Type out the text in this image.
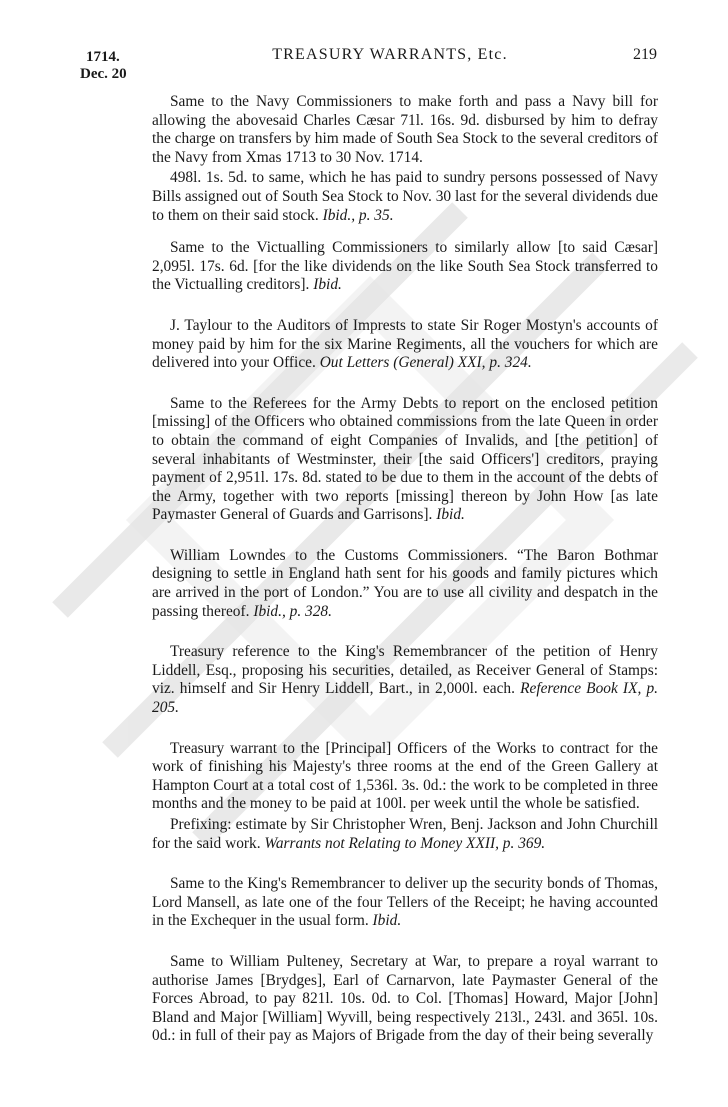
1714.
Dec. 20
TREASURY WARRANTS, Etc.	219

Same to the Navy Commissioners to make forth and pass a Navy bill for allowing the abovesaid Charles Cæsar 71l. 16s. 9d. disbursed by him to defray the charge on transfers by him made of South Sea Stock to the several creditors of the Navy from Xmas 1713 to 30 Nov. 1714.

498l. 1s. 5d. to same, which he has paid to sundry persons possessed of Navy Bills assigned out of South Sea Stock to Nov. 30 last for the several dividends due to them on their said stock. Ibid., p. 35.

Same to the Victualling Commissioners to similarly allow [to said Cæsar] 2,095l. 17s. 6d. [for the like dividends on the like South Sea Stock transferred to the Victualling creditors]. Ibid.

J. Taylour to the Auditors of Imprests to state Sir Roger Mostyn's accounts of money paid by him for the six Marine Regiments, all the vouchers for which are delivered into your Office. Out Letters (General) XXI, p. 324.

Same to the Referees for the Army Debts to report on the enclosed petition [missing] of the Officers who obtained commissions from the late Queen in order to obtain the command of eight Companies of Invalids, and [the petition] of several inhabitants of Westminster, their [the said Officers'] creditors, praying payment of 2,951l. 17s. 8d. stated to be due to them in the account of the debts of the Army, together with two reports [missing] thereon by John How [as late Paymaster General of Guards and Garrisons]. Ibid.

William Lowndes to the Customs Commissioners. “The Baron Bothmar designing to settle in England hath sent for his goods and family pictures which are arrived in the port of London.” You are to use all civility and despatch in the passing thereof. Ibid., p. 328.

Treasury reference to the King's Remembrancer of the petition of Henry Liddell, Esq., proposing his securities, detailed, as Receiver General of Stamps: viz. himself and Sir Henry Liddell, Bart., in 2,000l. each. Reference Book IX, p. 205.

Treasury warrant to the [Principal] Officers of the Works to contract for the work of finishing his Majesty's three rooms at the end of the Green Gallery at Hampton Court at a total cost of 1,536l. 3s. 0d.: the work to be completed in three months and the money to be paid at 100l. per week until the whole be satisfied.

Prefixing: estimate by Sir Christopher Wren, Benj. Jackson and John Churchill for the said work. Warrants not Relating to Money XXII, p. 369.

Same to the King's Remembrancer to deliver up the security bonds of Thomas, Lord Mansell, as late one of the four Tellers of the Receipt; he having accounted in the Exchequer in the usual form. Ibid.

Same to William Pulteney, Secretary at War, to prepare a royal warrant to authorise James [Brydges], Earl of Carnarvon, late Paymaster General of the Forces Abroad, to pay 821l. 10s. 0d. to Col. [Thomas] Howard, Major [John] Bland and Major [William] Wyvill, being respectively 213l., 243l. and 365l. 10s. 0d.: in full of their pay as Majors of Brigade from the day of their being severally
